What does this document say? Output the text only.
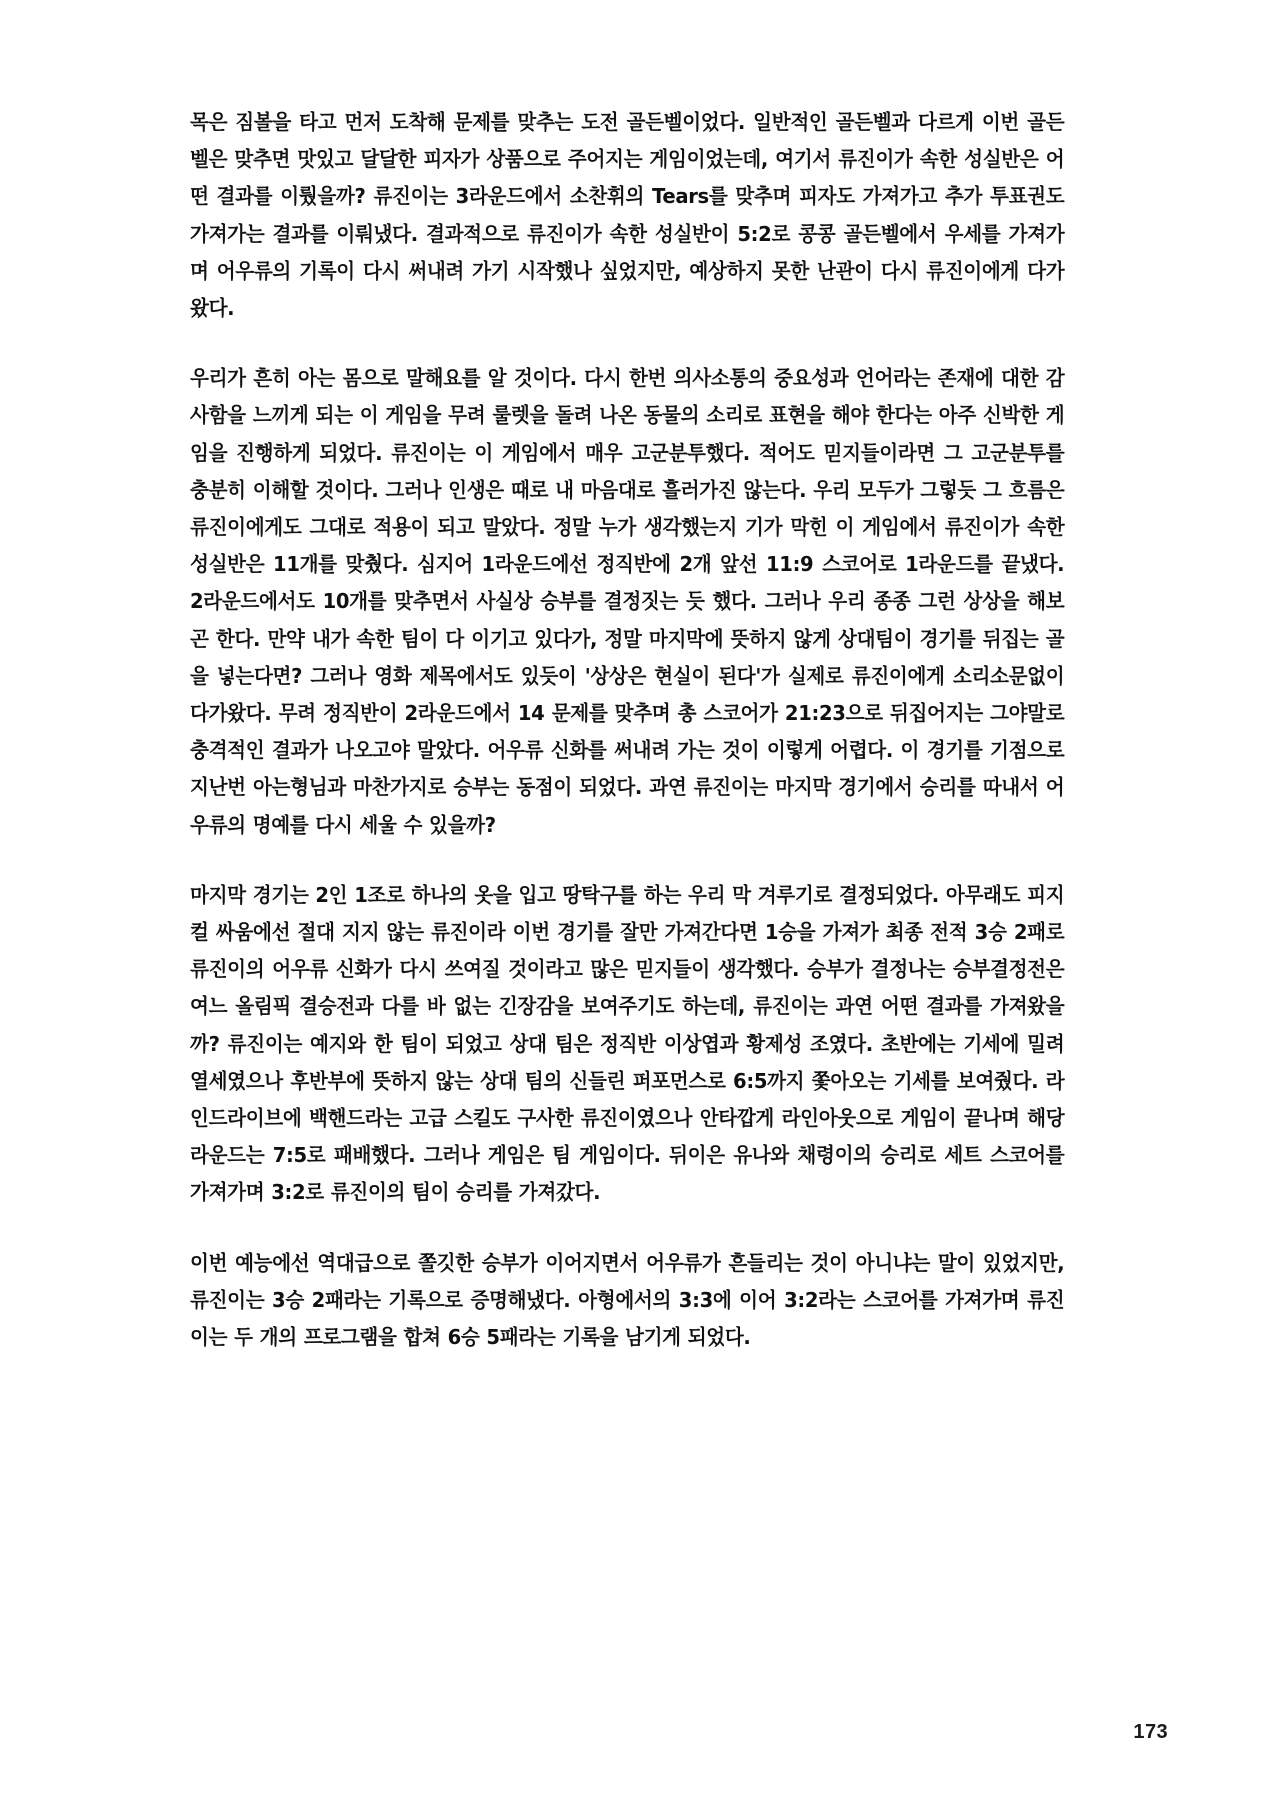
목은 짐볼을 타고 먼저 도착해 문제를 맞추는 도전 골든벨이었다. 일반적인 골든벨과 다르게 이번 골든벨은 맞추면 맛있고 달달한 피자가 상품으로 주어지는 게임이었는데, 여기서 류진이가 속한 성실반은 어떤 결과를 이뤘을까? 류진이는 3라운드에서 소찬휘의 Tears를 맞추며 피자도 가져가고 추가 투표권도 가져가는 결과를 이뤄냈다. 결과적으로 류진이가 속한 성실반이 5:2로 콩콩 골든벨에서 우세를 가져가며 어우류의 기록이 다시 써내려 가기 시작했나 싶었지만, 예상하지 못한 난관이 다시 류진이에게 다가왔다.

우리가 흔히 아는 몸으로 말해요를 알 것이다. 다시 한번 의사소통의 중요성과 언어라는 존재에 대한 감사함을 느끼게 되는 이 게임을 무려 룰렛을 돌려 나온 동물의 소리로 표현을 해야 한다는 아주 신박한 게임을 진행하게 되었다. 류진이는 이 게임에서 매우 고군분투했다. 적어도 믿지들이라면 그 고군분투를 충분히 이해할 것이다. 그러나 인생은 때로 내 마음대로 흘러가진 않는다. 우리 모두가 그렇듯 그 흐름은 류진이에게도 그대로 적용이 되고 말았다. 정말 누가 생각했는지 기가 막힌 이 게임에서 류진이가 속한 성실반은 11개를 맞췄다. 심지어 1라운드에선 정직반에 2개 앞선 11:9 스코어로 1라운드를 끝냈다. 2라운드에서도 10개를 맞추면서 사실상 승부를 결정짓는 듯 했다. 그러나 우리 종종 그런 상상을 해보곤 한다. 만약 내가 속한 팀이 다 이기고 있다가, 정말 마지막에 뜻하지 않게 상대팀이 경기를 뒤집는 골을 넣는다면? 그러나 영화 제목에서도 있듯이 '상상은 현실이 된다'가 실제로 류진이에게 소리소문없이 다가왔다. 무려 정직반이 2라운드에서 14 문제를 맞추며 총 스코어가 21:23으로 뒤집어지는 그야말로 충격적인 결과가 나오고야 말았다. 어우류 신화를 써내려 가는 것이 이렇게 어렵다. 이 경기를 기점으로 지난번 아는형님과 마찬가지로 승부는 동점이 되었다. 과연 류진이는 마지막 경기에서 승리를 따내서 어우류의 명예를 다시 세울 수 있을까?

마지막 경기는 2인 1조로 하나의 옷을 입고 땅탁구를 하는 우리 막 겨루기로 결정되었다. 아무래도 피지컬 싸움에선 절대 지지 않는 류진이라 이번 경기를 잘만 가져간다면 1승을 가져가 최종 전적 3승 2패로 류진이의 어우류 신화가 다시 쓰여질 것이라고 많은 믿지들이 생각했다. 승부가 결정나는 승부결정전은 여느 올림픽 결승전과 다를 바 없는 긴장감을 보여주기도 하는데, 류진이는 과연 어떤 결과를 가져왔을까? 류진이는 예지와 한 팀이 되었고 상대 팀은 정직반 이상엽과 황제성 조였다. 초반에는 기세에 밀려 열세였으나 후반부에 뜻하지 않는 상대 팀의 신들린 퍼포먼스로 6:5까지 쫓아오는 기세를 보여줬다. 라인드라이브에 백핸드라는 고급 스킬도 구사한 류진이였으나 안타깝게 라인아웃으로 게임이 끝나며 해당 라운드는 7:5로 패배했다. 그러나 게임은 팀 게임이다. 뒤이은 유나와 채령이의 승리로 세트 스코어를 가져가며 3:2로 류진이의 팀이 승리를 가져갔다.

이번 예능에선 역대급으로 쫄깃한 승부가 이어지면서 어우류가 흔들리는 것이 아니냐는 말이 있었지만, 류진이는 3승 2패라는 기록으로 증명해냈다. 아형에서의 3:3에 이어 3:2라는 스코어를 가져가며 류진이는 두 개의 프로그램을 합쳐 6승 5패라는 기록을 남기게 되었다.

173
